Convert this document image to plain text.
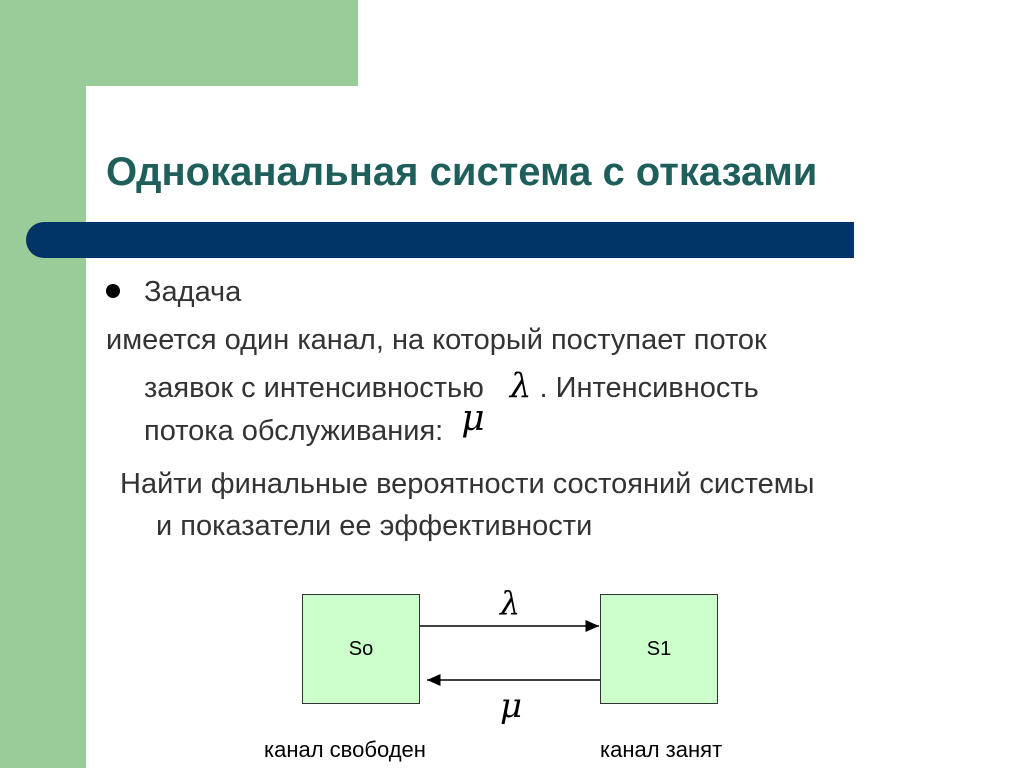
Одноканальная система с отказами

Задача

имеется один канал, на который поступает поток

заявок с интенсивностью λ . Интенсивность

потока обслуживания: μ

Найти финальные вероятности состояний системы

и показатели ее эффективности

So	S1
λ
μ
канал свободен	канал занят
